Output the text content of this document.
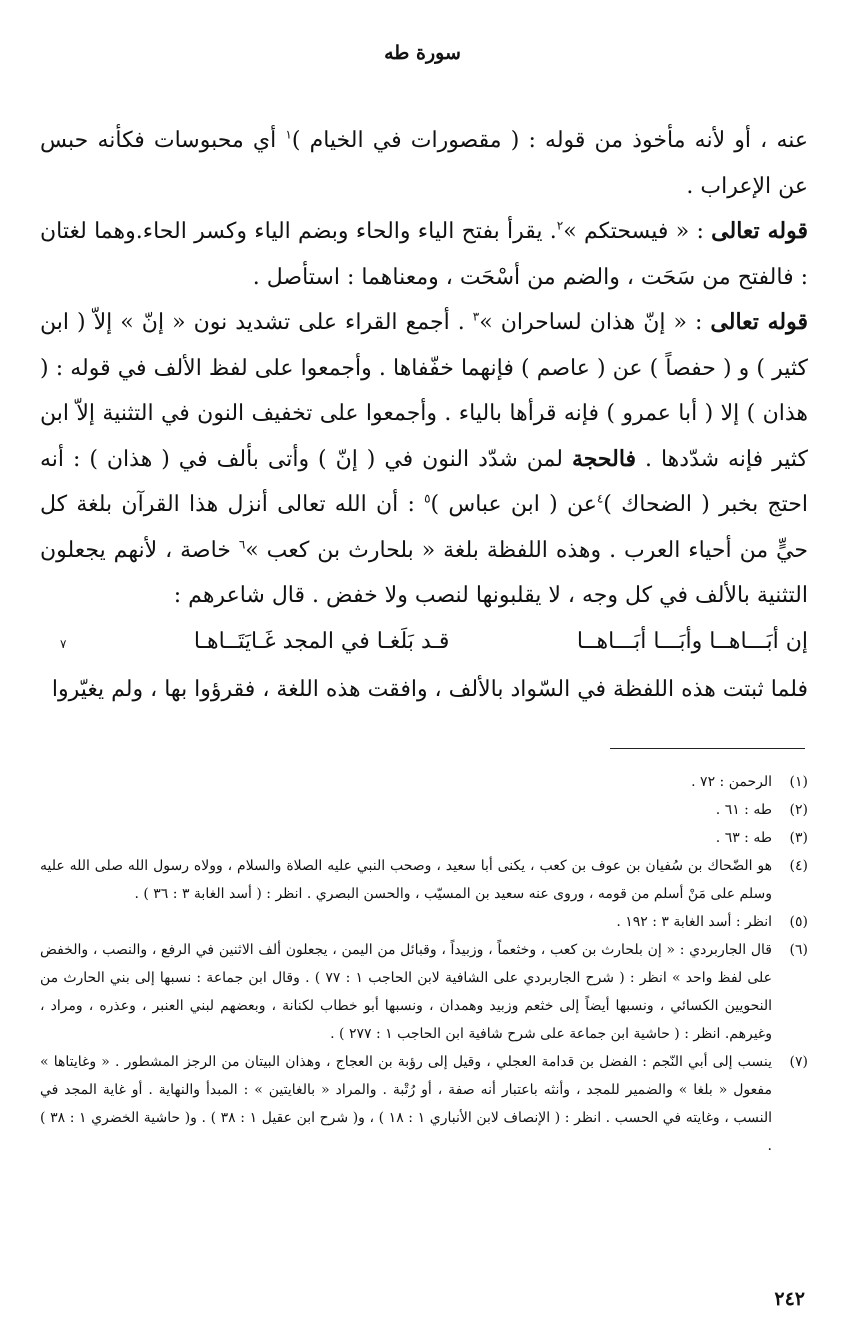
سورة طه

عنه ، أو لأنه مأخوذ من قوله : ( مقصورات في الخيام )$^١$ أي محبوسات فكأنه حبس عن الإعراب .

قوله تعالى : « فيسحتكم »$^٢$. يقرأ بفتح الياء والحاء وبضم الياء وكسر الحاء.وهما لغتان : فالفتح من سَحَت ، والضم من أسْحَت ، ومعناهما : استأصل .

قوله تعالى : « إنّ هذان لساحران »$^٣$ . أجمع القراء على تشديد نون « إنّ » إلاّ ( ابن كثير ) و ( حفصاً ) عن ( عاصم ) فإنهما خفّفاها . وأجمعوا على لفظ الألف في قوله : ( هذان ) إلا ( أبا عمرو ) فإنه قرأها بالياء . وأجمعوا على تخفيف النون في التثنية إلاّ ابن كثير فإنه شدّدها . فالحجة لمن شدّد النون في ( إنّ ) وأتى بألف في ( هذان ) : أنه احتج بخبر ( الضحاك )$^٤$عن ( ابن عباس )$^٥$ : أن الله تعالى أنزل هذا القرآن بلغة كل حيٍّ من أحياء العرب . وهذه اللفظة بلغة « بلحارث بن كعب »$^٦$ خاصة ، لأنهم يجعلون التثنية بالألف في كل وجه ، لا يقلبونها لنصب ولا خفض . قال شاعرهم :

إن أبَـــاهــا وأبَـــا أبَـــاهــا
قـد بَلَغـا في المجد غَـايَتَــاهـا
٧

فلما ثبتت هذه اللفظة في السّواد بالألف ، وافقت هذه اللغة ، فقرؤوا بها ، ولم يغيّروا

(١)
الرحمن : ٧٢ .
(٢)
طه : ٦١ .
(٣)
طه : ٦٣ .
(٤)
هو الضّحاك بن سُفيان بن عوف بن كعب ، يكنى أبا سعيد ، وصحب النبي عليه الصلاة والسلام ، وولاه رسول الله صلى الله عليه وسلم على مَنْ أسلم من قومه ، وروى عنه سعيد بن المسيّب ، والحسن البصري . انظر : ( أسد الغابة ٣ : ٣٦ ) .
(٥)
انظر : أسد الغابة ٣ : ١٩٢ .
(٦)
قال الجاربردي : « إن بلحارث بن كعب ، وخثعماً ، وزبيداً ، وقبائل من اليمن ، يجعلون ألف الاثنين في الرفع ، والنصب ، والخفض على لفظ واحد » انظر : ( شرح الجاربردي على الشافية لابن الحاجب ١ : ٧٧ ) . وقال ابن جماعة : نسبها إلى بني الحارث من النحويين الكسائي ، ونسبها أيضاً إلى خثعم وزبيد وهمدان ، ونسبها أبو خطاب لكنانة ، وبعضهم لبني العنبر ، وعذره ، ومراد ، وغيرهم. انظر : ( حاشية ابن جماعة على شرح شافية ابن الحاجب ١ : ٢٧٧ ) .
(٧)
ينسب إلى أبي النّجم : الفضل بن قدامة العجلي ، وقيل إلى رؤبة بن العجاج ، وهذان البيتان من الرجز المشطور . « وغايتاها » مفعول « بلغا » والضمير للمجد ، وأنثه باعتبار أنه صفة ، أو رُتْبة . والمراد « بالغايتين » : المبدأ والنهاية . أو غاية المجد في النسب ، وغايته في الحسب . انظر : ( الإنصاف لابن الأنباري ١ : ١٨ ) ، و( شرح ابن عقيل ١ : ٣٨ ) . و( حاشية الخضري ١ : ٣٨ ) .
٢٤٢
